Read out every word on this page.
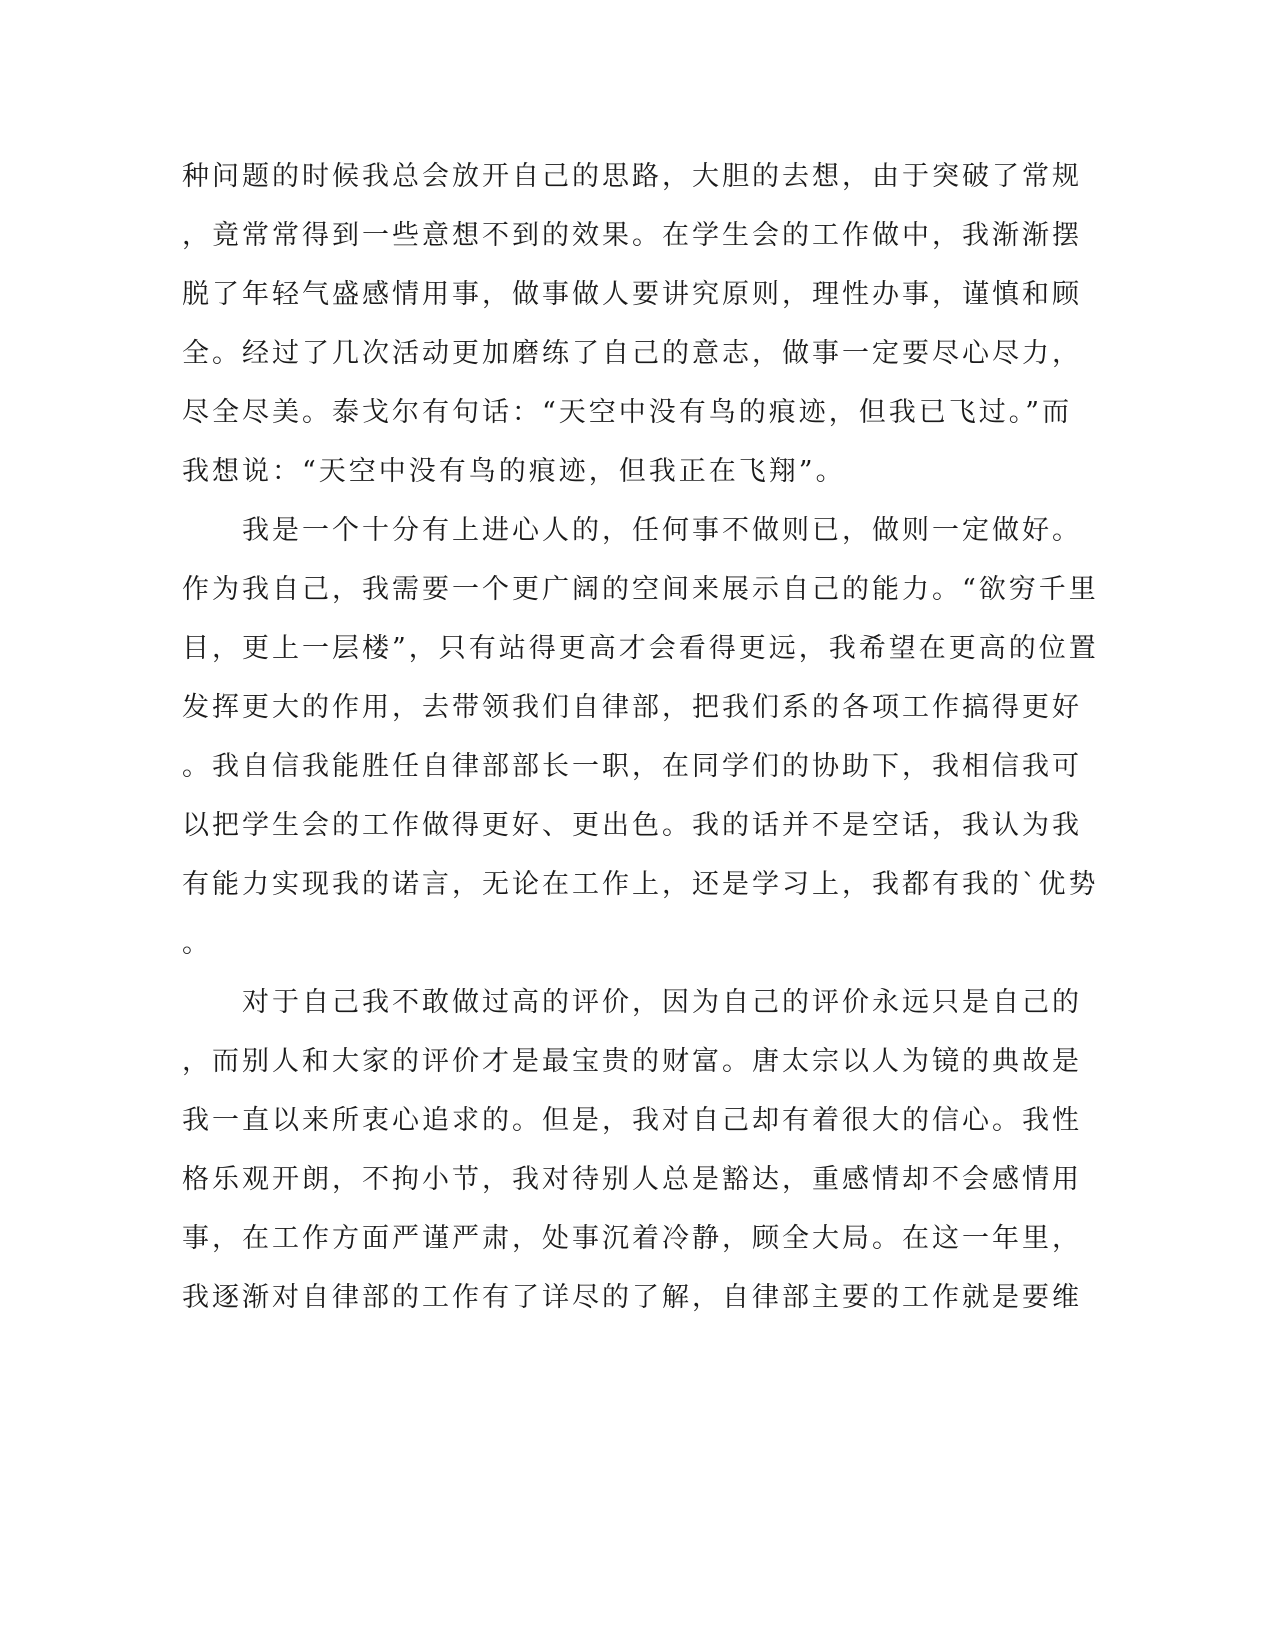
种问题的时候我总会放开自己的思路，大胆的去想，由于突破了常规
，竟常常得到一些意想不到的效果。在学生会的工作做中，我渐渐摆
脱了年轻气盛感情用事，做事做人要讲究原则，理性办事，谨慎和顾
全。经过了几次活动更加磨练了自己的意志，做事一定要尽心尽力，
尽全尽美。泰戈尔有句话：“天空中没有鸟的痕迹，但我已飞过。”而
我想说：“天空中没有鸟的痕迹，但我正在飞翔”。
　　我是一个十分有上进心人的，任何事不做则已，做则一定做好。
作为我自己，我需要一个更广阔的空间来展示自己的能力。“欲穷千里
目，更上一层楼”，只有站得更高才会看得更远，我希望在更高的位置
发挥更大的作用，去带领我们自律部，把我们系的各项工作搞得更好
。我自信我能胜任自律部部长一职，在同学们的协助下，我相信我可
以把学生会的工作做得更好、更出色。我的话并不是空话，我认为我
有能力实现我的诺言，无论在工作上，还是学习上，我都有我的`优势
。
　　对于自己我不敢做过高的评价，因为自己的评价永远只是自己的
，而别人和大家的评价才是最宝贵的财富。唐太宗以人为镜的典故是
我一直以来所衷心追求的。但是，我对自己却有着很大的信心。我性
格乐观开朗，不拘小节，我对待别人总是豁达，重感情却不会感情用
事，在工作方面严谨严肃，处事沉着冷静，顾全大局。在这一年里，
我逐渐对自律部的工作有了详尽的了解，自律部主要的工作就是要维
